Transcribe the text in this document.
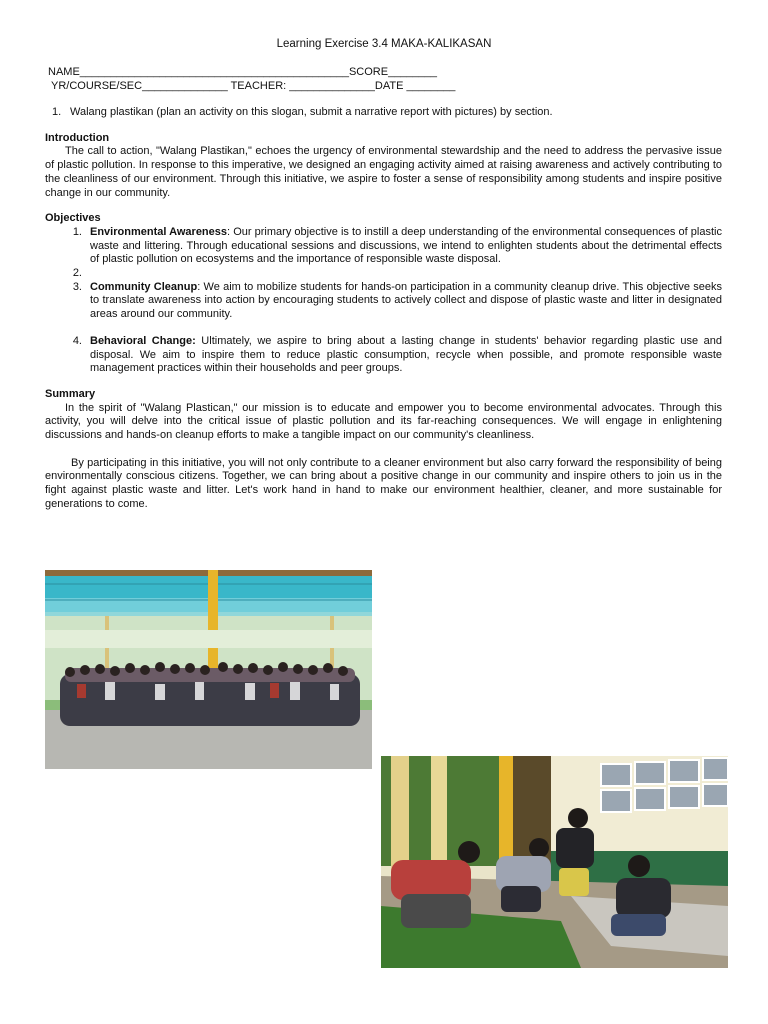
Learning Exercise 3.4 MAKA-KALIKASAN
NAME____________________________________________SCORE________
YR/COURSE/SEC______________ TEACHER: ______________DATE ________
1. Walang plastikan (plan an activity on this slogan, submit a narrative report with pictures) by section.
Introduction

The call to action, "Walang Plastikan," echoes the urgency of environmental stewardship and the need to address the pervasive issue of plastic pollution. In response to this imperative, we designed an engaging activity aimed at raising awareness and actively contributing to the cleanliness of our environment. Through this initiative, we aspire to foster a sense of responsibility among students and inspire positive change in our community.

Objectives
1. Environmental Awareness: Our primary objective is to instill a deep understanding of the environmental consequences of plastic waste and littering. Through educational sessions and discussions, we intend to enlighten students about the detrimental effects of plastic pollution on ecosystems and the importance of responsible waste disposal.
2.
3. Community Cleanup: We aim to mobilize students for hands-on participation in a community cleanup drive. This objective seeks to translate awareness into action by encouraging students to actively collect and dispose of plastic waste and litter in designated areas around our community.
4. Behavioral Change: Ultimately, we aspire to bring about a lasting change in students' behavior regarding plastic use and disposal. We aim to inspire them to reduce plastic consumption, recycle when possible, and promote responsible waste management practices within their households and peer groups.
Summary

In the spirit of "Walang Plastican," our mission is to educate and empower you to become environmental advocates. Through this activity, you will delve into the critical issue of plastic pollution and its far-reaching consequences. We will engage in enlightening discussions and hands-on cleanup efforts to make a tangible impact on our community's cleanliness.

By participating in this initiative, you will not only contribute to a cleaner environment but also carry forward the responsibility of being environmentally conscious citizens. Together, we can bring about a positive change in our community and inspire others to join us in the fight against plastic waste and litter. Let's work hand in hand to make our environment healthier, cleaner, and more sustainable for generations to come.
